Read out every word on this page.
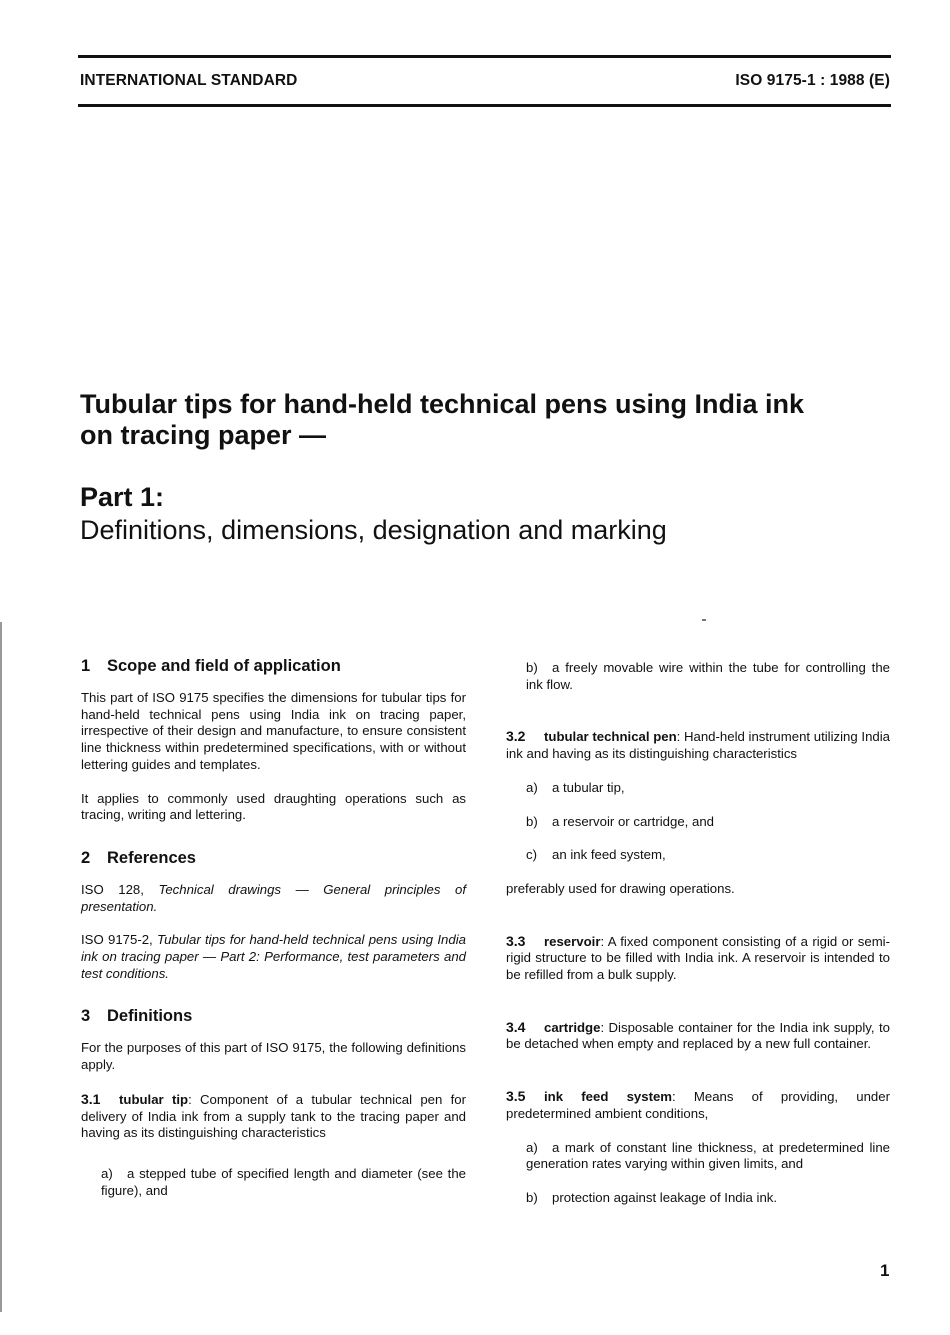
INTERNATIONAL STANDARD	ISO 9175-1 : 1988 (E)
Tubular tips for hand-held technical pens using India ink on tracing paper —
Part 1:
Definitions, dimensions, designation and marking
1 Scope and field of application

This part of ISO 9175 specifies the dimensions for tubular tips for hand-held technical pens using India ink on tracing paper, irrespective of their design and manufacture, to ensure consistent line thickness within predetermined specifications, with or without lettering guides and templates.

It applies to commonly used draughting operations such as tracing, writing and lettering.

2 References

ISO 128, Technical drawings — General principles of presentation.

ISO 9175-2, Tubular tips for hand-held technical pens using India ink on tracing paper — Part 2: Performance, test parameters and test conditions.

3 Definitions

For the purposes of this part of ISO 9175, the following definitions apply.

3.1 tubular tip: Component of a tubular technical pen for delivery of India ink from a supply tank to the tracing paper and having as its distinguishing characteristics

a) a stepped tube of specified length and diameter (see the figure), and
b) a freely movable wire within the tube for controlling the ink flow.

3.2 tubular technical pen: Hand-held instrument utilizing India ink and having as its distinguishing characteristics

a) a tubular tip,
b) a reservoir or cartridge, and
c) an ink feed system,

preferably used for drawing operations.

3.3 reservoir: A fixed component consisting of a rigid or semi-rigid structure to be filled with India ink. A reservoir is intended to be refilled from a bulk supply.

3.4 cartridge: Disposable container for the India ink supply, to be detached when empty and replaced by a new full container.

3.5 ink feed system: Means of providing, under predetermined ambient conditions,

a) a mark of constant line thickness, at predetermined line generation rates varying within given limits, and
b) protection against leakage of India ink.
1
